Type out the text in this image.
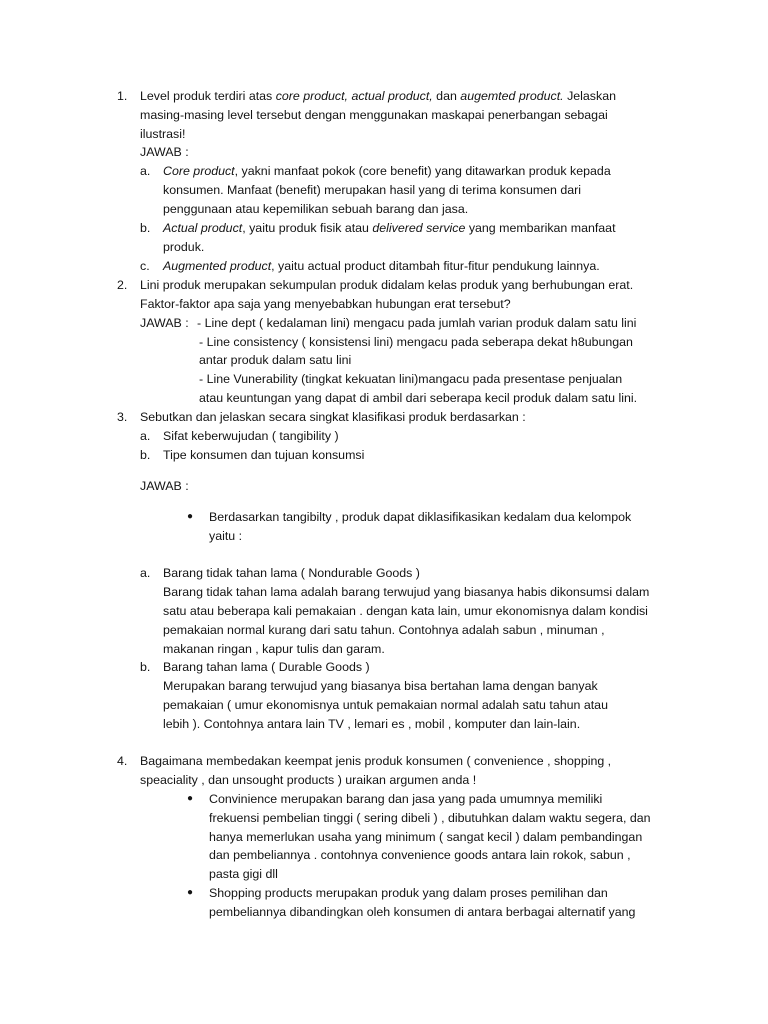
1. Level produk terdiri atas core product, actual product, dan augemted product. Jelaskan
masing-masing level tersebut dengan menggunakan maskapai penerbangan sebagai
ilustrasi!
JAWAB :
a. Core product, yakni manfaat pokok (core benefit) yang ditawarkan produk kepada
konsumen. Manfaat (benefit) merupakan hasil yang di terima konsumen dari
penggunaan atau kepemilikan sebuah barang dan jasa.
b. Actual product, yaitu produk fisik atau delivered service yang membarikan manfaat
produk.
c. Augmented product, yaitu actual product ditambah fitur-fitur pendukung lainnya.
2. Lini produk merupakan sekumpulan produk didalam kelas produk yang berhubungan erat.
Faktor-faktor apa saja yang menyebabkan hubungan erat tersebut?
JAWAB : - Line dept ( kedalaman lini) mengacu pada jumlah varian produk dalam satu lini
- Line consistency ( konsistensi lini) mengacu pada seberapa dekat h8ubungan
antar produk dalam satu lini
- Line Vunerability (tingkat kekuatan lini)mangacu pada presentase penjualan
atau keuntungan yang dapat di ambil dari seberapa kecil produk dalam satu lini.
3. Sebutkan dan jelaskan secara singkat klasifikasi produk berdasarkan :
a. Sifat keberwujudan ( tangibility )
b. Tipe konsumen dan tujuan konsumsi
JAWAB :
● Berdasarkan tangibilty , produk dapat diklasifikasikan kedalam dua kelompok
yaitu :
a. Barang tidak tahan lama ( Nondurable Goods )
Barang tidak tahan lama adalah barang terwujud yang biasanya habis dikonsumsi dalam
satu atau beberapa kali pemakaian . dengan kata lain, umur ekonomisnya dalam kondisi
pemakaian normal kurang dari satu tahun. Contohnya adalah sabun , minuman ,
makanan ringan , kapur tulis dan garam.
b. Barang tahan lama ( Durable Goods )
Merupakan barang terwujud yang biasanya bisa bertahan lama dengan banyak
pemakaian ( umur ekonomisnya untuk pemakaian normal adalah satu tahun atau
lebih ). Contohnya antara lain TV , lemari es , mobil , komputer dan lain-lain.
4. Bagaimana membedakan keempat jenis produk konsumen ( convenience , shopping ,
speaciality , dan unsought products ) uraikan argumen anda !
● Convinience merupakan barang dan jasa yang pada umumnya memiliki
frekuensi pembelian tinggi ( sering dibeli ) , dibutuhkan dalam waktu segera, dan
hanya memerlukan usaha yang minimum ( sangat kecil ) dalam pembandingan
dan pembeliannya . contohnya convenience goods antara lain rokok, sabun ,
pasta gigi dll
● Shopping products merupakan produk yang dalam proses pemilihan dan
pembeliannya dibandingkan oleh konsumen di antara berbagai alternatif yang
